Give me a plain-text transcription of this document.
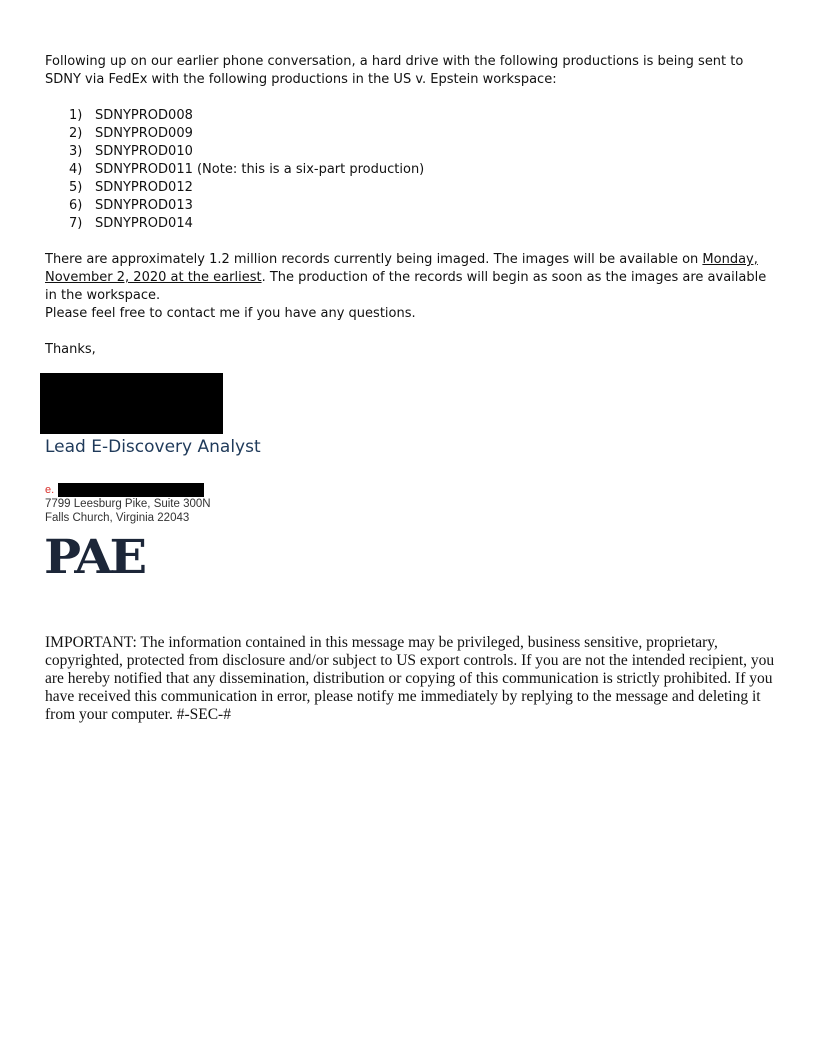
Following up on our earlier phone conversation, a hard drive with the following productions is being sent to SDNY via FedEx with the following productions in the US v. Epstein workspace:
1) SDNYPROD008
2) SDNYPROD009
3) SDNYPROD010
4) SDNYPROD011 (Note: this is a six-part production)
5) SDNYPROD012
6) SDNYPROD013
7) SDNYPROD014
There are approximately 1.2 million records currently being imaged. The images will be available on Monday, November 2, 2020 at the earliest. The production of the records will begin as soon as the images are available in the workspace.
Please feel free to contact me if you have any questions.
Thanks,
Lead E-Discovery Analyst
e.
7799 Leesburg Pike, Suite 300N
Falls Church, Virginia 22043
PAE
IMPORTANT: The information contained in this message may be privileged, business sensitive, proprietary, copyrighted, protected from disclosure and/or subject to US export controls. If you are not the intended recipient, you are hereby notified that any dissemination, distribution or copying of this communication is strictly prohibited. If you have received this communication in error, please notify me immediately by replying to the message and deleting it from your computer. #-SEC-#
